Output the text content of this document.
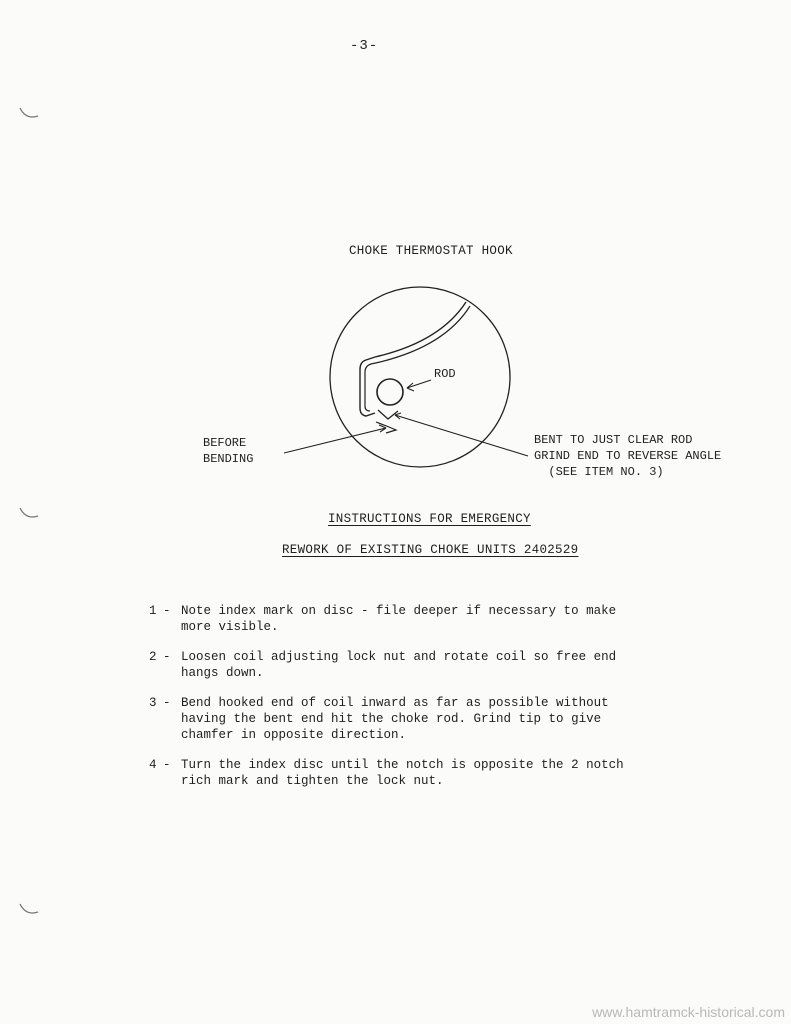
-3-
CHOKE THERMOSTAT HOOK
ROD
BEFORE
BENDING
BENT TO JUST CLEAR ROD
GRIND END TO REVERSE ANGLE
(SEE ITEM NO. 3)
INSTRUCTIONS FOR EMERGENCY
REWORK OF EXISTING CHOKE UNITS 2402529
1 - Note index mark on disc - file deeper if necessary to make more visible.
2 - Loosen coil adjusting lock nut and rotate coil so free end hangs down.
3 - Bend hooked end of coil inward as far as possible without having the bent end hit the choke rod. Grind tip to give chamfer in opposite direction.
4 - Turn the index disc until the notch is opposite the 2 notch rich mark and tighten the lock nut.
www.hamtramck-historical.com
